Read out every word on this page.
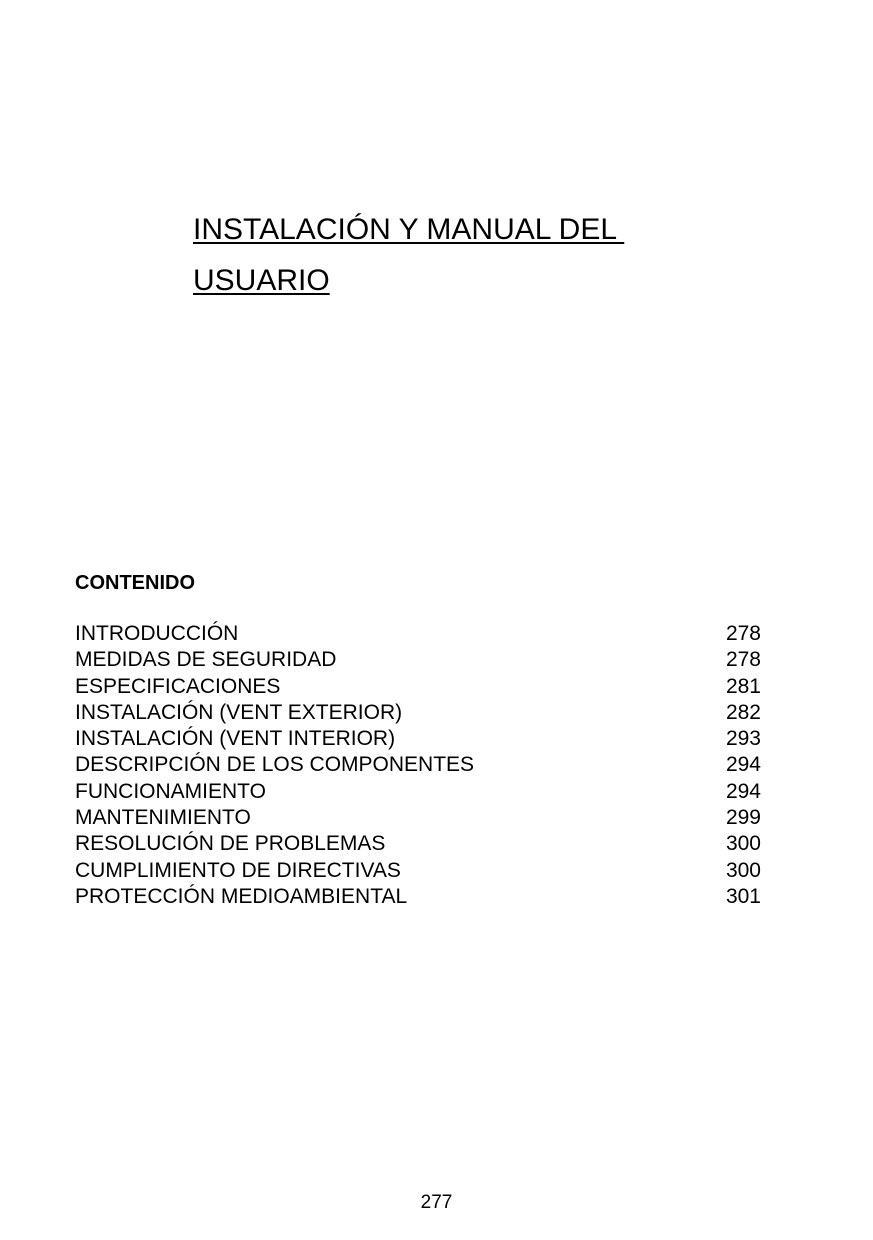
INSTALACIÓN Y MANUAL DEL
USUARIO
CONTENIDO
INTRODUCCIÓN	278
MEDIDAS DE SEGURIDAD	278
ESPECIFICACIONES	281
INSTALACIÓN (VENT EXTERIOR)	282
INSTALACIÓN (VENT INTERIOR)	293
DESCRIPCIÓN DE LOS COMPONENTES	294
FUNCIONAMIENTO	294
MANTENIMIENTO	299
RESOLUCIÓN DE PROBLEMAS	300
CUMPLIMIENTO DE DIRECTIVAS	300
PROTECCIÓN MEDIOAMBIENTAL	301
277
